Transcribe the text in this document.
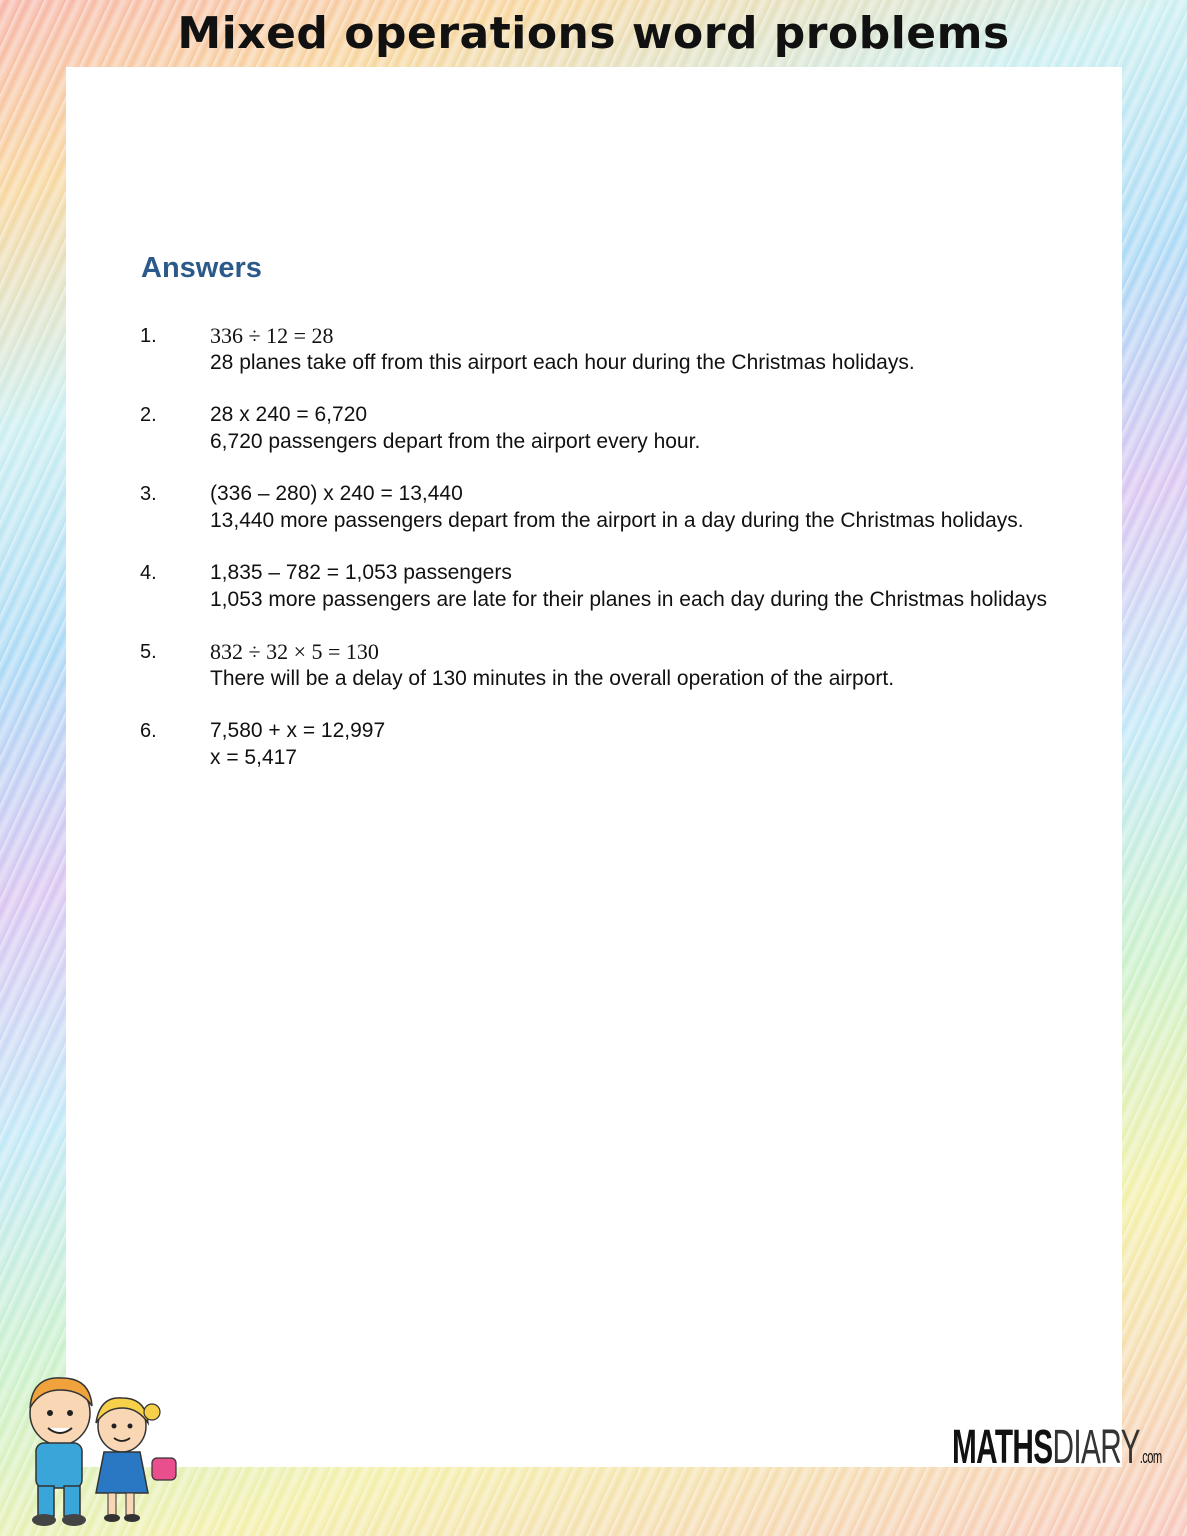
Mixed operations word problems
Answers
1. 336 ÷ 12 = 28
28 planes take off from this airport each hour during the Christmas holidays.
2.	28 x 240 = 6,720
6,720 passengers depart from the airport every hour.
3.	(336 – 280) x 240 = 13,440
13,440 more passengers depart from the airport in a day during the Christmas holidays.
4.	1,835 – 782 = 1,053 passengers
1,053 more passengers are late for their planes in each day during the Christmas holidays
5. 832 ÷ 32 × 5 = 130
There will be a delay of 130 minutes in the overall operation of the airport.
6.	7,580 + x = 12,997
x = 5,417
MATHSDIARY.com
